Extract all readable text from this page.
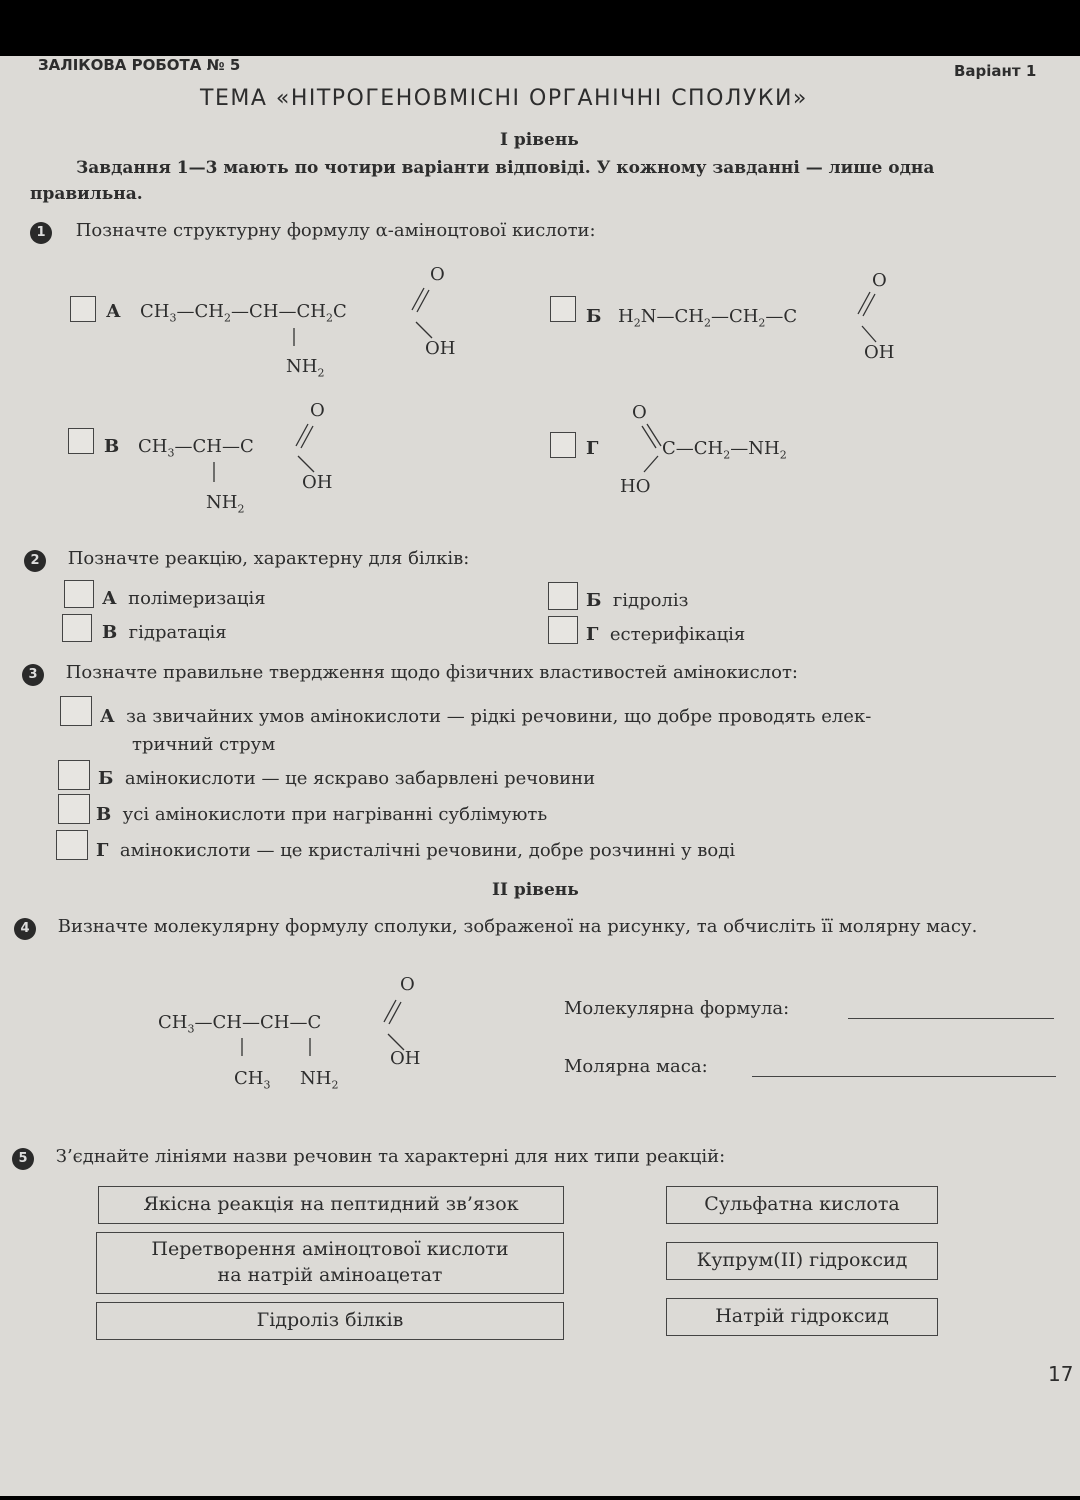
ЗАЛІКОВА РОБОТА № 5	Варіант 1
ТЕМА «НІТРОГЕНОВМІСНІ ОРГАНІЧНІ СПОЛУКИ»
І рівень
Завдання 1—3 мають по чотири варіанти відповіді. У кожному завданні — лише одна
правильна.
1 Позначте структурну формулу α-аміноцтової кислоти:
А $CH_3—CH_2—CH—CH_2C$
O
OH
$NH_2$
Б $H_2N—CH_2—CH_2—C$
O
OH
В $CH_3—CH—C$
O
OH
$NH_2$
Г
O
$C—CH_2—NH_2$
HO
2 Позначте реакцію, характерну для білків:
А полімеризація	Б гідроліз
В гідратація	Г естерифікація
3 Позначте правильне твердження щодо фізичних властивостей амінокислот:
А за звичайних умов амінокислоти — рідкі речовини, що добре проводять елек-
тричний струм
Б амінокислоти — це яскраво забарвлені речовини
В усі амінокислоти при нагріванні сублімують
Г амінокислоти — це кристалічні речовини, добре розчинні у воді
ІІ рівень
4 Визначте молекулярну формулу сполуки, зображеної на рисунку, та обчисліть її молярну масу.
$CH_3—CH—CH—C$
O
OH
$CH_3$ $NH_2$
Молекулярна формула:
Молярна маса:
5 З’єднайте лініями назви речовин та характерні для них типи реакцій:
Якісна реакція на пептидний зв’язок
Перетворення аміноцтової кислоти
на натрій аміноацетат
Гідроліз білків
Сульфатна кислота
Купрум(ІІ) гідроксид
Натрій гідроксид
17
